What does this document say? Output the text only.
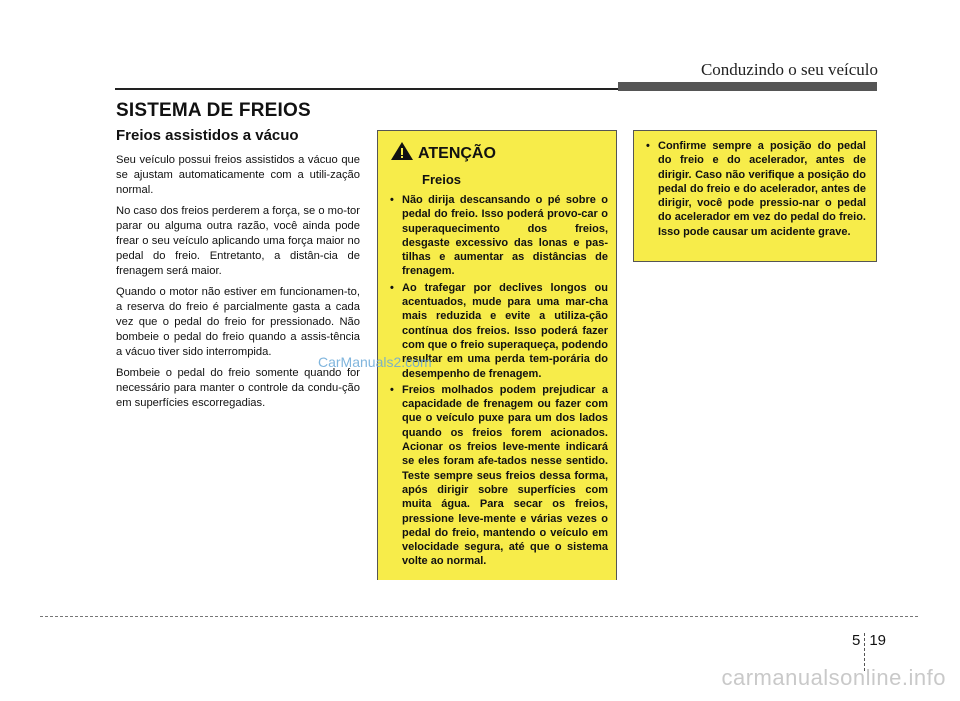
Conduzindo o seu veículo
SISTEMA DE FREIOS
Freios assistidos a vácuo

Seu veículo possui freios assistidos a vácuo que se ajustam automaticamente com a utili-zação normal.

No caso dos freios perderem a força, se o mo-tor parar ou alguma outra razão, você ainda pode frear o seu veículo aplicando uma força maior no pedal do freio. Entretanto, a distân-cia de frenagem será maior.

Quando o motor não estiver em funcionamen-to, a reserva do freio é parcialmente gasta a cada vez que o pedal do freio for pressionado. Não bombeie o pedal do freio quando a assis-tência a vácuo tiver sido interrompida.

Bombeie o pedal do freio somente quando for necessário para manter o controle da condu-ção em superfícies escorregadias.

ATENÇÃO
Freios
• Não dirija descansando o pé sobre o pedal do freio. Isso poderá provo-car o superaquecimento dos freios, desgaste excessivo das lonas e pas-tilhas e aumentar as distâncias de frenagem.
• Ao trafegar por declives longos ou acentuados, mude para uma mar-cha mais reduzida e evite a utiliza-ção contínua dos freios. Isso poderá fazer com que o freio superaqueça, podendo resultar em uma perda tem-porária do desempenho de frenagem.
• Freios molhados podem prejudicar a capacidade de frenagem ou fazer com que o veículo puxe para um dos lados quando os freios forem acionados. Acionar os freios leve-mente indicará se eles foram afe-tados nesse sentido. Teste sempre seus freios dessa forma, após dirigir sobre superfícies com muita água. Para secar os freios, pressione leve-mente e várias vezes o pedal do freio, mantendo o veículo em velocidade segura, até que o sistema volte ao normal.
• Confirme sempre a posição do pedal do freio e do acelerador, antes de dirigir. Caso não verifique a posição do pedal do freio e do acelerador, antes de dirigir, você pode pressio-nar o pedal do acelerador em vez do pedal do freio. Isso pode causar um acidente grave.
5 19
CarManuals2.com
carmanualsonline.info
